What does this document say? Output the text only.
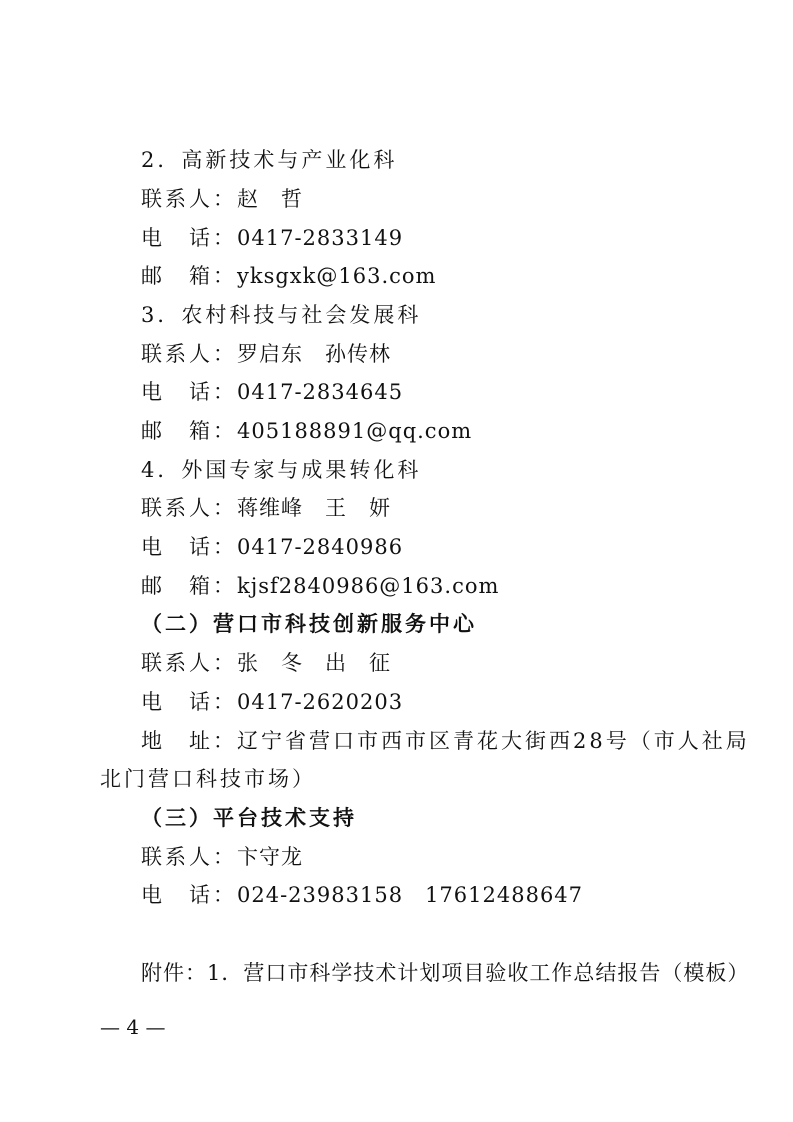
2．高新技术与产业化科
联系人：赵　哲
电　话：0417-2833149
邮　箱：yksgxk@163.com
3．农村科技与社会发展科
联系人：罗启东　孙传林
电　话：0417-2834645
邮　箱：405188891@qq.com
4．外国专家与成果转化科
联系人：蒋维峰　王　妍
电　话：0417-2840986
邮　箱：kjsf2840986@163.com
（二）营口市科技创新服务中心
联系人：张　冬　出　征
电　话：0417-2620203
地　址：辽宁省营口市西市区青花大街西28号（市人社局
北门营口科技市场）
（三）平台技术支持
联系人：卞守龙
电　话：024-23983158　17612488647
附件：1．营口市科学技术计划项目验收工作总结报告（模板）
— 4 —
